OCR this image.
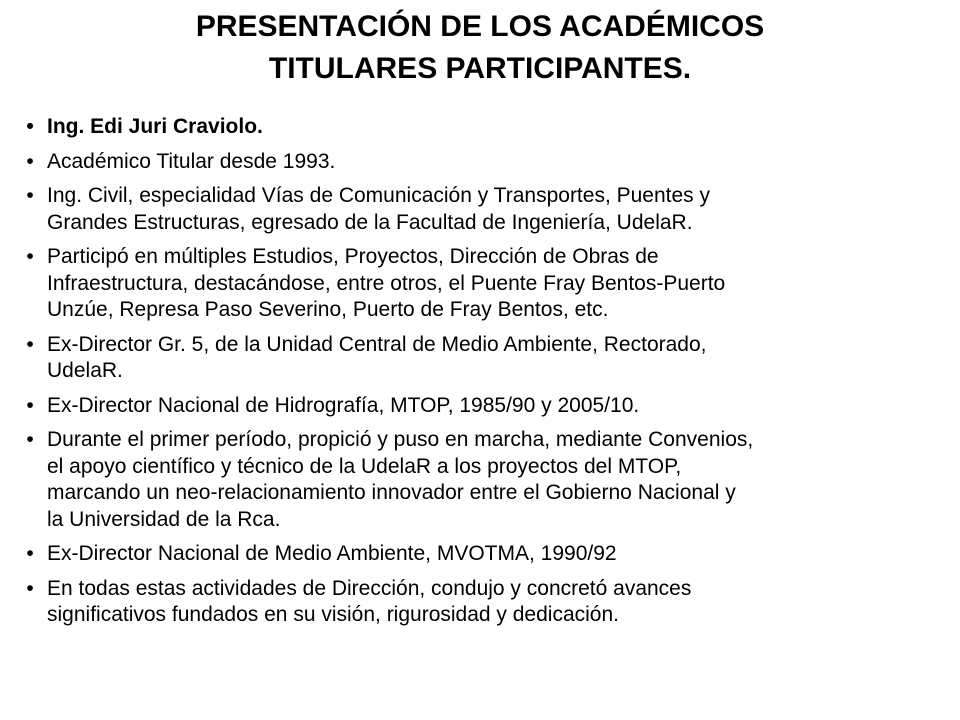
PRESENTACIÓN DE LOS ACADÉMICOS
TITULARES PARTICIPANTES.
• Ing. Edi Juri Craviolo.
• Académico Titular desde 1993.
• Ing. Civil, especialidad Vías de Comunicación y Transportes, Puentes y
Grandes Estructuras, egresado de la Facultad de Ingeniería, UdelaR.
• Participó en múltiples Estudios, Proyectos, Dirección de Obras de
Infraestructura, destacándose, entre otros, el Puente Fray Bentos-Puerto
Unzúe, Represa Paso Severino, Puerto de Fray Bentos, etc.
• Ex-Director Gr. 5, de la Unidad Central de Medio Ambiente, Rectorado,
UdelaR.
• Ex-Director Nacional de Hidrografía, MTOP, 1985/90 y 2005/10.
• Durante el primer período, propició y puso en marcha, mediante Convenios,
el apoyo científico y técnico de la UdelaR a los proyectos del MTOP,
marcando un neo-relacionamiento innovador entre el Gobierno Nacional y
la Universidad de la Rca.
• Ex-Director Nacional de Medio Ambiente, MVOTMA, 1990/92
• En todas estas actividades de Dirección, condujo y concretó avances
significativos fundados en su visión, rigurosidad y dedicación.
